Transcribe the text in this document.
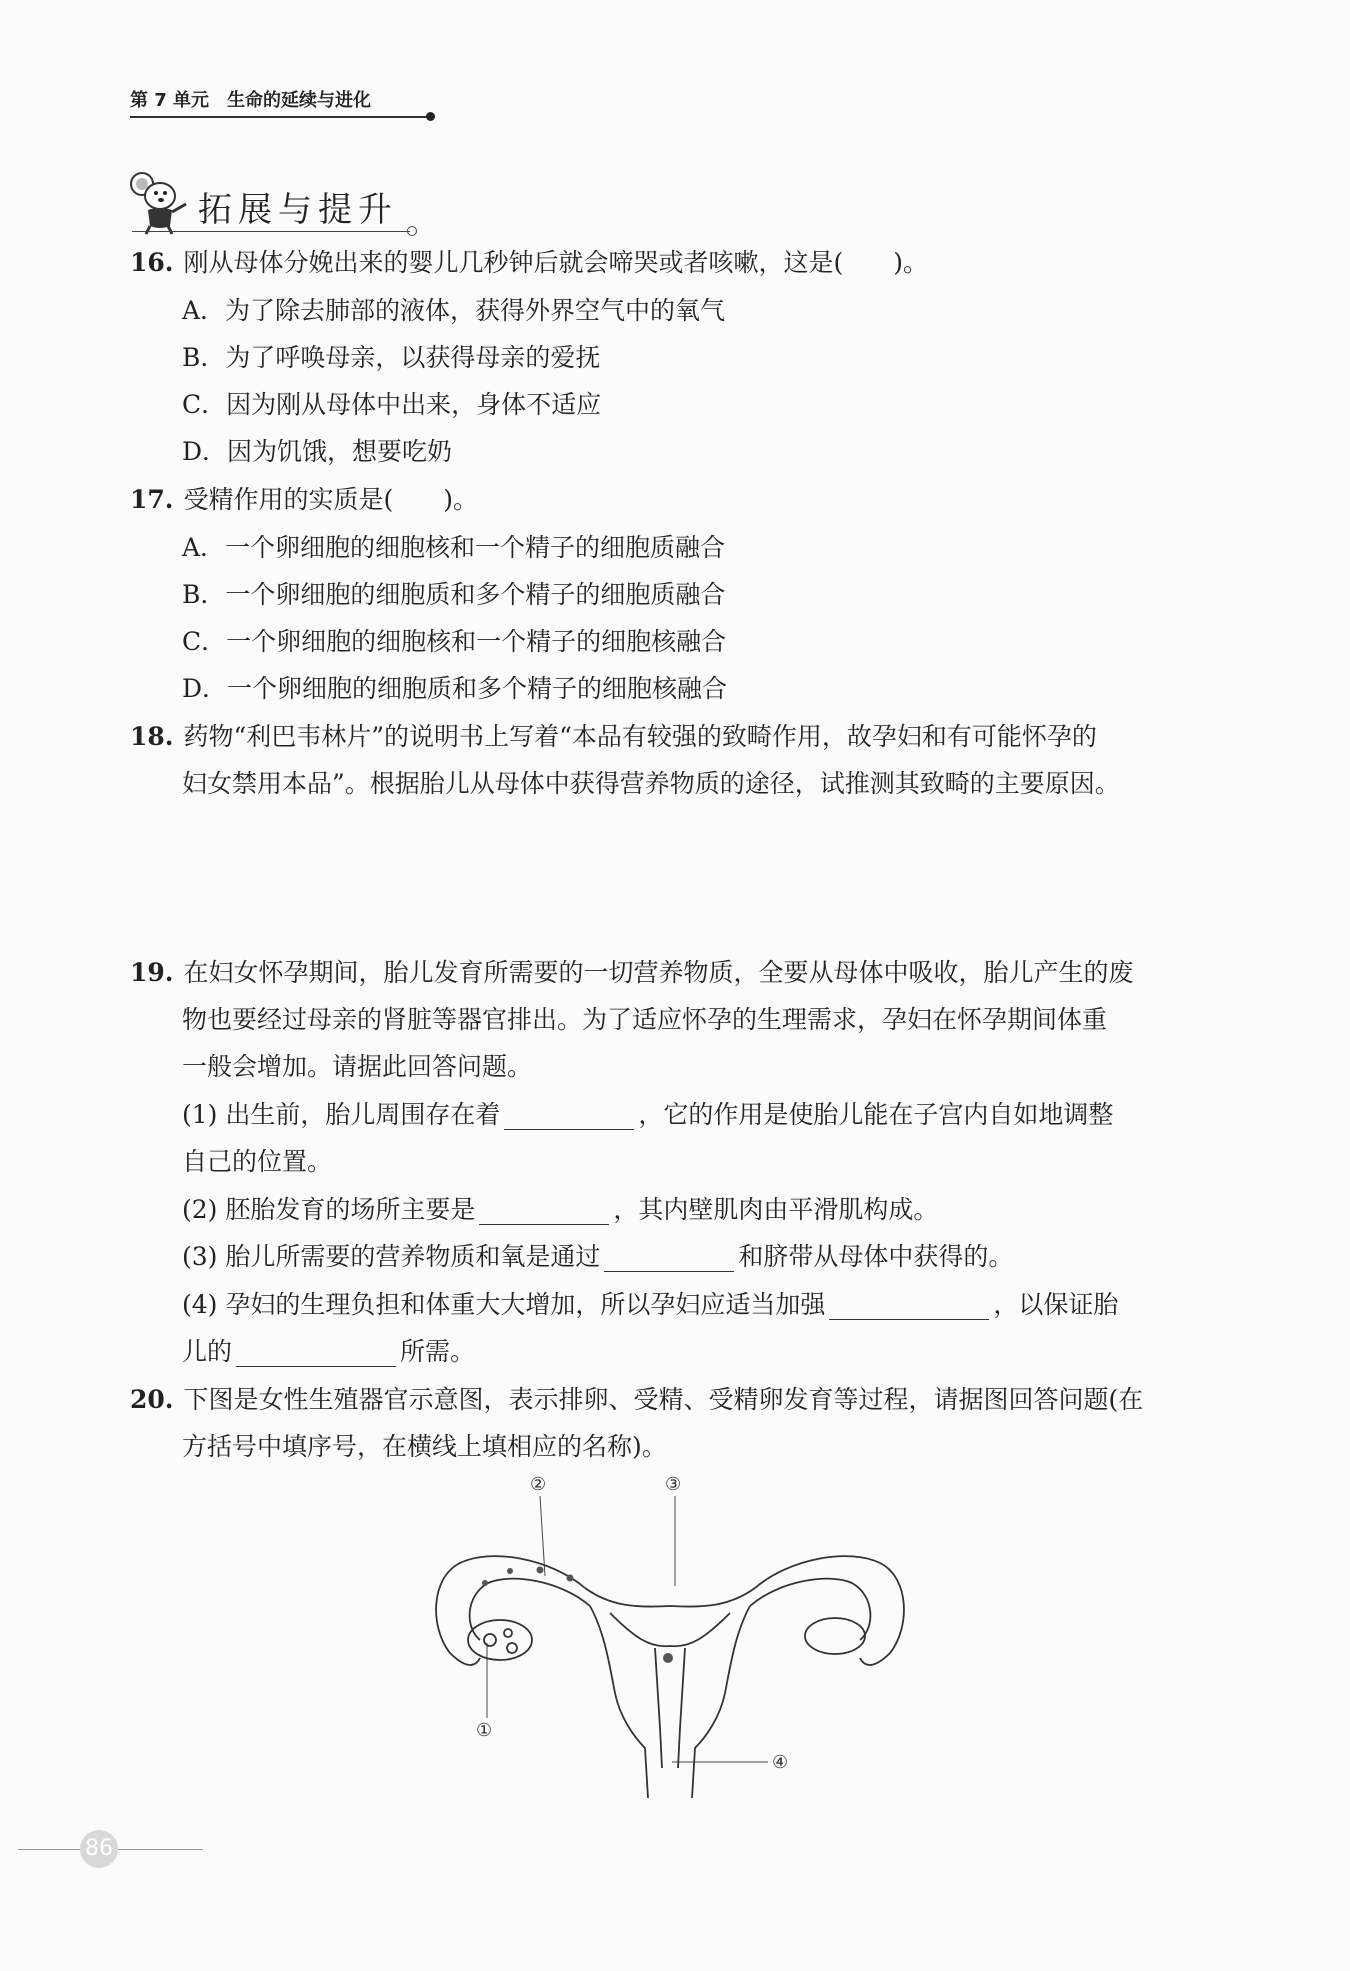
第 7 单元 生命的延续与进化
拓展与提升
16. 刚从母体分娩出来的婴儿几秒钟后就会啼哭或者咳嗽，这是(　　)。
A．为了除去肺部的液体，获得外界空气中的氧气
B．为了呼唤母亲，以获得母亲的爱抚
C．因为刚从母体中出来，身体不适应
D．因为饥饿，想要吃奶
17. 受精作用的实质是(　　)。
A．一个卵细胞的细胞核和一个精子的细胞质融合
B．一个卵细胞的细胞质和多个精子的细胞质融合
C．一个卵细胞的细胞核和一个精子的细胞核融合
D．一个卵细胞的细胞质和多个精子的细胞核融合
18. 药物“利巴韦林片”的说明书上写着“本品有较强的致畸作用，故孕妇和有可能怀孕的
妇女禁用本品”。根据胎儿从母体中获得营养物质的途径，试推测其致畸的主要原因。
19. 在妇女怀孕期间，胎儿发育所需要的一切营养物质，全要从母体中吸收，胎儿产生的废
物也要经过母亲的肾脏等器官排出。为了适应怀孕的生理需求，孕妇在怀孕期间体重
一般会增加。请据此回答问题。
(1) 出生前，胎儿周围存在着	，它的作用是使胎儿能在子宫内自如地调整
自己的位置。
(2) 胚胎发育的场所主要是	，其内壁肌肉由平滑肌构成。
(3) 胎儿所需要的营养物质和氧是通过	和脐带从母体中获得的。
(4) 孕妇的生理负担和体重大大增加，所以孕妇应适当加强	，以保证胎
儿的	所需。
20. 下图是女性生殖器官示意图，表示排卵、受精、受精卵发育等过程，请据图回答问题(在
方括号中填序号，在横线上填相应的名称)。
②	③
①
④
86
